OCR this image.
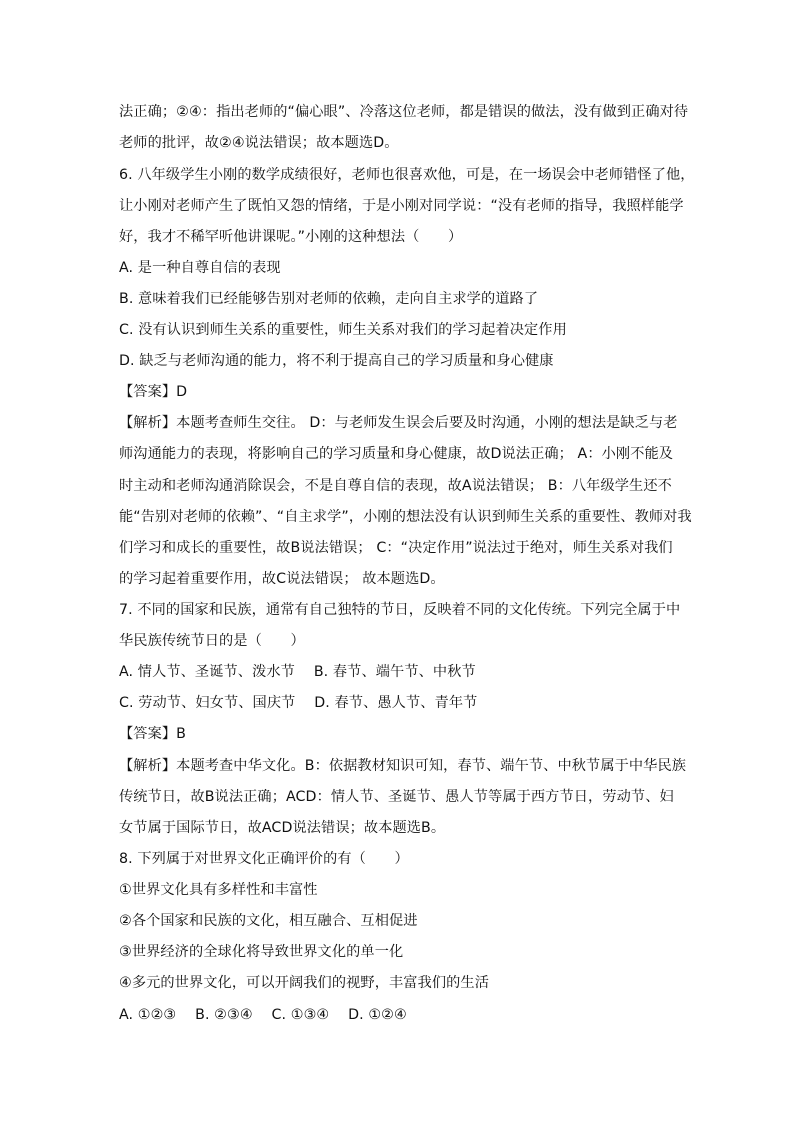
法正确；②④：指出老师的“偏心眼”、冷落这位老师，都是错误的做法，没有做到正确对待
老师的批评，故②④说法错误；故本题选D。
6. 八年级学生小刚的数学成绩很好，老师也很喜欢他，可是，在一场误会中老师错怪了他，
让小刚对老师产生了既怕又怨的情绪，于是小刚对同学说：“没有老师的指导，我照样能学
好，我才不稀罕听他讲课呢。”小刚的这种想法（　　）
A. 是一种自尊自信的表现
B. 意味着我们已经能够告别对老师的依赖，走向自主求学的道路了
C. 没有认识到师生关系的重要性，师生关系对我们的学习起着决定作用
D. 缺乏与老师沟通的能力，将不利于提高自己的学习质量和身心健康
【答案】D
【解析】本题考查师生交往。 D：与老师发生误会后要及时沟通，小刚的想法是缺乏与老
师沟通能力的表现，将影响自己的学习质量和身心健康，故D说法正确； A：小刚不能及
时主动和老师沟通消除误会，不是自尊自信的表现，故A说法错误； B：八年级学生还不
能“告别对老师的依赖”、“自主求学”，小刚的想法没有认识到师生关系的重要性、教师对我
们学习和成长的重要性，故B说法错误； C：“决定作用”说法过于绝对，师生关系对我们
的学习起着重要作用，故C说法错误； 故本题选D。
7. 不同的国家和民族，通常有自己独特的节日，反映着不同的文化传统。下列完全属于中
华民族传统节日的是（　　）
A. 情人节、圣诞节、泼水节　 B. 春节、端午节、中秋节
C. 劳动节、妇女节、国庆节　 D. 春节、愚人节、青年节
【答案】B
【解析】本题考查中华文化。B：依据教材知识可知，春节、端午节、中秋节属于中华民族
传统节日，故B说法正确；ACD：情人节、圣诞节、愚人节等属于西方节日，劳动节、妇
女节属于国际节日，故ACD说法错误；故本题选B。
8. 下列属于对世界文化正确评价的有（　　）
①世界文化具有多样性和丰富性
②各个国家和民族的文化，相互融合、互相促进
③世界经济的全球化将导致世界文化的单一化
④多元的世界文化，可以开阔我们的视野，丰富我们的生活
A. ①②③　 B. ②③④　 C. ①③④　 D. ①②④
